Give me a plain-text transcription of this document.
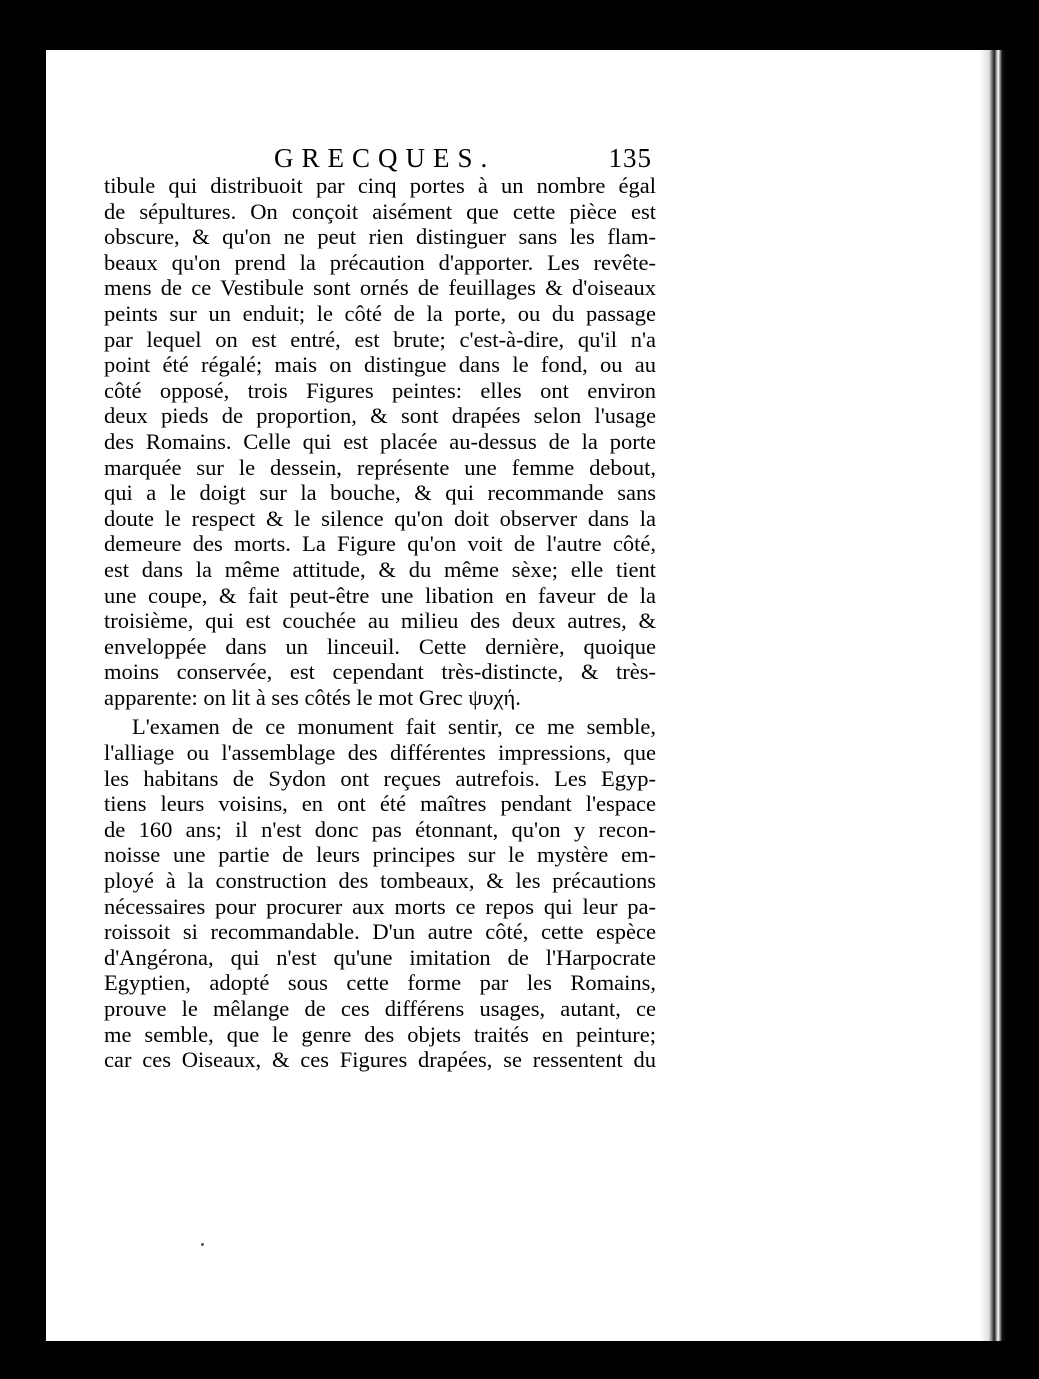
GRECQUES.	135
tibule qui distribuoit par cinq portes à un nombre égal
de sépultures. On conçoit aisément que cette pièce est
obscure, & qu'on ne peut rien distinguer sans les flam-
beaux qu'on prend la précaution d'apporter. Les revête-
mens de ce Vestibule sont ornés de feuillages & d'oiseaux
peints sur un enduit; le côté de la porte, ou du passage
par lequel on est entré, est brute; c'est-à-dire, qu'il n'a
point été régalé; mais on distingue dans le fond, ou au
côté opposé, trois Figures peintes: elles ont environ
deux pieds de proportion, & sont drapées selon l'usage
des Romains. Celle qui est placée au-dessus de la porte
marquée sur le dessein, représente une femme debout,
qui a le doigt sur la bouche, & qui recommande sans
doute le respect & le silence qu'on doit observer dans la
demeure des morts. La Figure qu'on voit de l'autre côté,
est dans la même attitude, & du même sèxe; elle tient
une coupe, & fait peut-être une libation en faveur de la
troisième, qui est couchée au milieu des deux autres, &
enveloppée dans un linceuil. Cette dernière, quoique
moins conservée, est cependant très-distincte, & très-
apparente: on lit à ses côtés le mot Grec ψυχή.
L'examen de ce monument fait sentir, ce me semble,
l'alliage ou l'assemblage des différentes impressions, que
les habitans de Sydon ont reçues autrefois. Les Egyp-
tiens leurs voisins, en ont été maîtres pendant l'espace
de 160 ans; il n'est donc pas étonnant, qu'on y recon-
noisse une partie de leurs principes sur le mystère em-
ployé à la construction des tombeaux, & les précautions
nécessaires pour procurer aux morts ce repos qui leur pa-
roissoit si recommandable. D'un autre côté, cette espèce
d'Angérona, qui n'est qu'une imitation de l'Harpocrate
Egyptien, adopté sous cette forme par les Romains,
prouve le mêlange de ces différens usages, autant, ce
me semble, que le genre des objets traités en peinture;
car ces Oiseaux, & ces Figures drapées, se ressentent du
